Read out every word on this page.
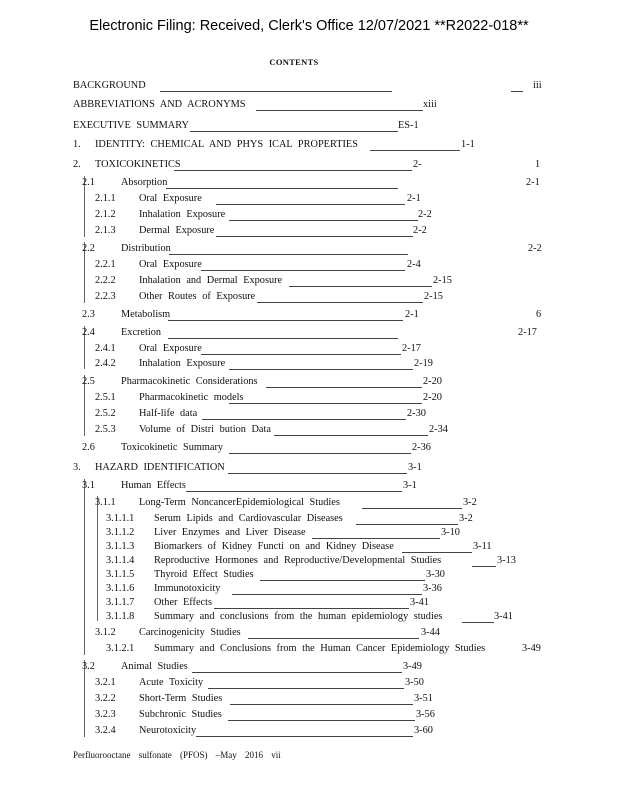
Electronic Filing: Received, Clerk's Office 12/07/2021 **R2022-018**
CONTENTS
BACKGROUND	iii
ABBREVIATIONS AND ACRONYMS	xiii
EXECUTIVE SUMMARY	ES-1
1. IDENTITY: CHEMICAL AND PHYS ICAL PROPERTIES	1-1
2. TOXICOKINETICS	2-	1
2.1	Absorption	2-1
2.1.1 Oral Exposure	2-1
2.1.2 Inhalation Exposure	2-2
2.1.3 Dermal Exposure	2-2
2.2	Distribution	2-2
2.2.1 Oral Exposure	2-4
2.2.2 Inhalation and Dermal Exposure	2-15
2.2.3 Other Routes of Exposure	2-15
2.3	Metabolism	2-1	6
2.4	Excretion	2-17
2.4.1 Oral Exposure	2-17
2.4.2 Inhalation Exposure	2-19
2.5	Pharmacokinetic Considerations	2-20
2.5.1 Pharmacokinetic models	2-20
2.5.2 Half-life data	2-30
2.5.3 Volume of Distri bution Data	2-34
2.6	Toxicokinetic Summary	2-36
3. HAZARD IDENTIFICATION	3-1
3.1	Human Effects	3-1
3.1.1 Long-Term NoncancerEpidemiological Studies	3-2
3.1.1.1 Serum Lipids and Cardiovascular Diseases	3-2
3.1.1.2 Liver Enzymes and Liver Disease	3-10
3.1.1.3 Biomarkers of Kidney Functi on and Kidney Disease	3-11
3.1.1.4 Reproductive Hormones and Reproductive/Developmental Studies	3-13
3.1.1.5 Thyroid Effect Studies	3-30
3.1.1.6 Immunotoxicity	3-36
3.1.1.7 Other Effects	3-41
3.1.1.8 Summary and conclusions from the human epidemiology studies	3-41
3.1.2 Carcinogenicity Studies	3-44
3.1.2.1 Summary and Conclusions from the Human Cancer Epidemiology Studies	3-49
3.2	Animal Studies	3-49
3.2.1 Acute Toxicity	3-50
3.2.2 Short-Term Studies	3-51
3.2.3 Subchronic Studies	3-56
3.2.4 Neurotoxicity	3-60
Perfluorooctane sulfonate (PFOS) –May 2016 vii
